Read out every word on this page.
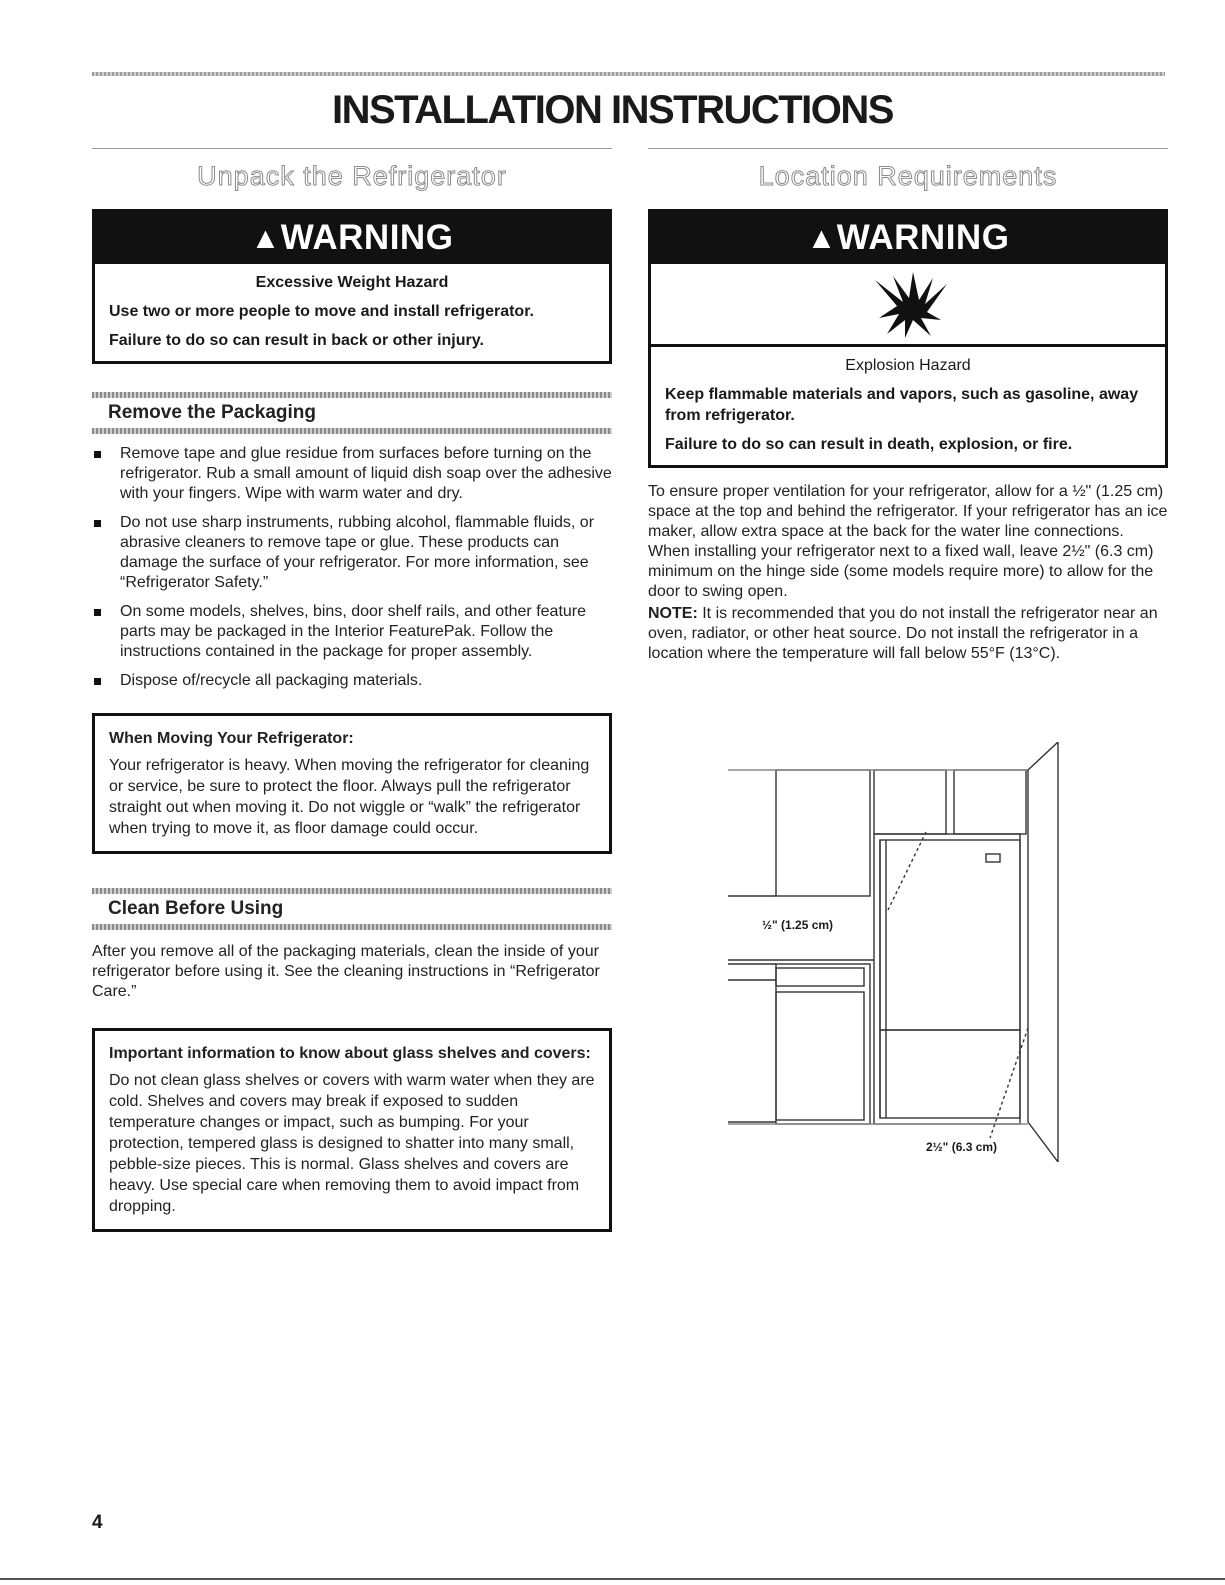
INSTALLATION INSTRUCTIONS
Unpack the Refrigerator
▲WARNING
Excessive Weight Hazard

Use two or more people to move and install refrigerator.

Failure to do so can result in back or other injury.

Remove the Packaging
Remove tape and glue residue from surfaces before turning on the refrigerator. Rub a small amount of liquid dish soap over the adhesive with your fingers. Wipe with warm water and dry.
Do not use sharp instruments, rubbing alcohol, flammable fluids, or abrasive cleaners to remove tape or glue. These products can damage the surface of your refrigerator. For more information, see “Refrigerator Safety.”
On some models, shelves, bins, door shelf rails, and other feature parts may be packaged in the Interior FeaturePak. Follow the instructions contained in the package for proper assembly.
Dispose of/recycle all packaging materials.
When Moving Your Refrigerator:
Your refrigerator is heavy. When moving the refrigerator for cleaning or service, be sure to protect the floor. Always pull the refrigerator straight out when moving it. Do not wiggle or “walk” the refrigerator when trying to move it, as floor damage could occur.
Clean Before Using

After you remove all of the packaging materials, clean the inside of your refrigerator before using it. See the cleaning instructions in “Refrigerator Care.”

Important information to know about glass shelves and covers:
Do not clean glass shelves or covers with warm water when they are cold. Shelves and covers may break if exposed to sudden temperature changes or impact, such as bumping. For your protection, tempered glass is designed to shatter into many small, pebble-size pieces. This is normal. Glass shelves and covers are heavy. Use special care when removing them to avoid impact from dropping.
Location Requirements
▲WARNING
Explosion Hazard

Keep flammable materials and vapors, such as gasoline, away from refrigerator.

Failure to do so can result in death, explosion, or fire.

To ensure proper ventilation for your refrigerator, allow for a ½" (1.25 cm) space at the top and behind the refrigerator. If your refrigerator has an ice maker, allow extra space at the back for the water line connections. When installing your refrigerator next to a fixed wall, leave 2½" (6.3 cm) minimum on the hinge side (some models require more) to allow for the door to swing open.

NOTE: It is recommended that you do not install the refrigerator near an oven, radiator, or other heat source. Do not install the refrigerator in a location where the temperature will fall below 55°F (13°C).

½" (1.25 cm)
2½" (6.3 cm)

4
